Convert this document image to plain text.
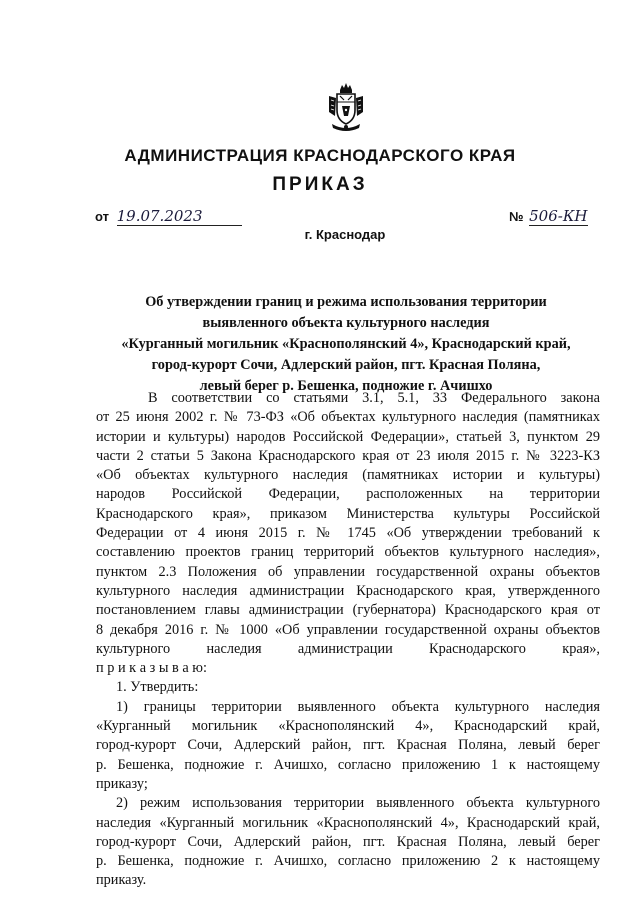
АДМИНИСТРАЦИЯ КРАСНОДАРСКОГО КРАЯ
ПРИКАЗ
от 19.07.2023	№ 506-КН
г. Краснодар
Об утверждении границ и режима использования территории
выявленного объекта культурного наследия
«Курганный могильник «Краснополянский 4», Краснодарский край,
город-курорт Сочи, Адлерский район, пгт. Красная Поляна,
левый берег р. Бешенка, подножие г. Ачишхо
В соответствии со статьями 3.1, 5.1, 33 Федерального закона
от 25 июня 2002 г. № 73-ФЗ «Об объектах культурного наследия (памятниках
истории и культуры) народов Российской Федерации», статьей 3, пунктом 29
части 2 статьи 5 Закона Краснодарского края от 23 июля 2015 г. № 3223-КЗ
«Об объектах культурного наследия (памятниках истории и культуры)
народов Российской Федерации, расположенных на территории
Краснодарского края», приказом Министерства культуры Российской
Федерации от 4 июня 2015 г. № 1745 «Об утверждении требований к
составлению проектов границ территорий объектов культурного наследия»,
пунктом 2.3 Положения об управлении государственной охраны объектов
культурного наследия администрации Краснодарского края, утвержденного
постановлением главы администрации (губернатора) Краснодарского края от
8 декабря 2016 г. № 1000 «Об управлении государственной охраны объектов
культурного наследия администрации Краснодарского края»,
п р и к а з ы в а ю:
1. Утвердить:
1) границы территории выявленного объекта культурного наследия
«Курганный могильник «Краснополянский 4», Краснодарский край,
город-курорт Сочи, Адлерский район, пгт. Красная Поляна, левый берег
р. Бешенка, подножие г. Ачишхо, согласно приложению 1 к настоящему
приказу;
2) режим использования территории выявленного объекта культурного
наследия «Курганный могильник «Краснополянский 4», Краснодарский край,
город-курорт Сочи, Адлерский район, пгт. Красная Поляна, левый берег
р. Бешенка, подножие г. Ачишхо, согласно приложению 2 к настоящему
приказу.
